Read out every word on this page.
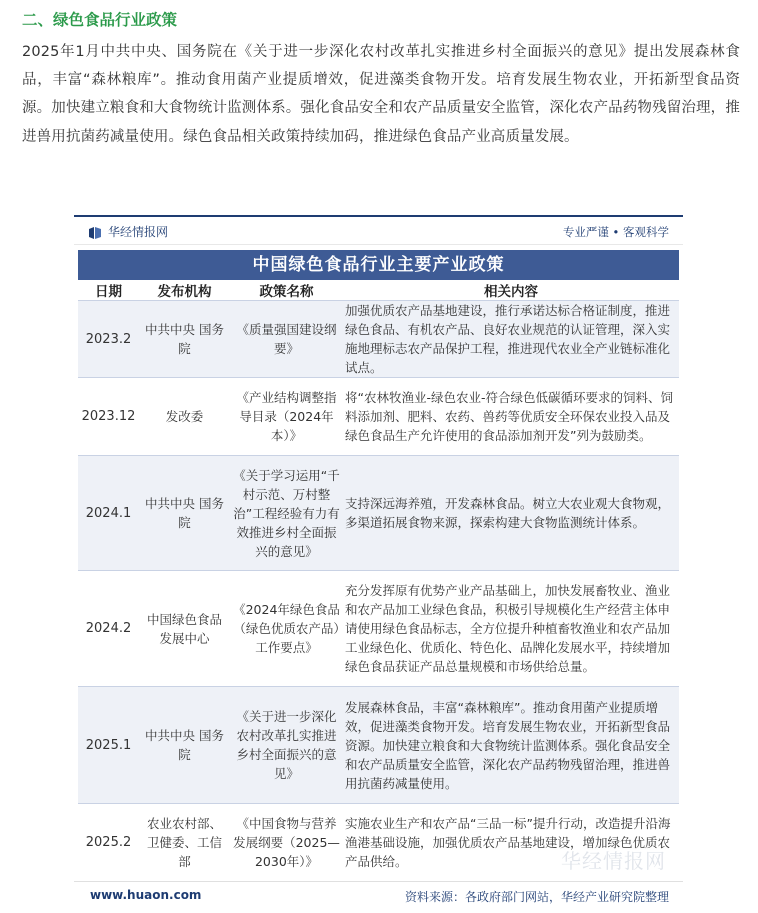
二、绿色食品行业政策
2025年1月中共中央、国务院在《关于进一步深化农村改革扎实推进乡村全面振兴的意见》提出发展森林食品，丰富“森林粮库”。推动食用菌产业提质增效，促进藻类食物开发。培育发展生物农业，开拓新型食品资源。加快建立粮食和大食物统计监测体系。强化食品安全和农产品质量安全监管，深化农产品药物残留治理，推进兽用抗菌药减量使用。绿色食品相关政策持续加码，推进绿色食品产业高质量发展。
华经情报网	专业严谨 • 客观科学
中国绿色食品行业主要产业政策
日期	发布机构	政策名称	相关内容
2023.2	中共中央 国务院	《质量强国建设纲要》	加强优质农产品基地建设，推行承诺达标合格证制度，推进绿色食品、有机农产品、良好农业规范的认证管理，深入实施地理标志农产品保护工程，推进现代农业全产业链标准化试点。
2023.12	发改委	《产业结构调整指导目录（2024年本）》	将“农林牧渔业-绿色农业-符合绿色低碳循环要求的饲料、饲料添加剂、肥料、农药、兽药等优质安全环保农业投入品及绿色食品生产允许使用的食品添加剂开发”列为鼓励类。
2024.1	中共中央 国务院	《关于学习运用“千村示范、万村整治”工程经验有力有效推进乡村全面振兴的意见》	支持深远海养殖，开发森林食品。树立大农业观大食物观，多渠道拓展食物来源，探索构建大食物监测统计体系。
2024.2	中国绿色食品发展中心	《2024年绿色食品（绿色优质农产品）工作要点》	充分发挥原有优势产业产品基础上，加快发展畜牧业、渔业和农产品加工业绿色食品，积极引导规模化生产经营主体申请使用绿色食品标志，全方位提升种植畜牧渔业和农产品加工业绿色化、优质化、特色化、品牌化发展水平，持续增加绿色食品获证产品总量规模和市场供给总量。
2025.1	中共中央 国务院	《关于进一步深化农村改革扎实推进乡村全面振兴的意见》	发展森林食品，丰富“森林粮库”。推动食用菌产业提质增效，促进藻类食物开发。培育发展生物农业，开拓新型食品资源。加快建立粮食和大食物统计监测体系。强化食品安全和农产品质量安全监管，深化农产品药物残留治理，推进兽用抗菌药减量使用。
2025.2	农业农村部、卫健委、工信部	《中国食物与营养发展纲要（2025—2030年）》	实施农业生产和农产品“三品一标”提升行动，改造提升沿海渔港基础设施，加强优质农产品基地建设，增加绿色优质农产品供给。	华经情报网
www.huaon.com	资料来源：各政府部门网站，华经产业研究院整理
